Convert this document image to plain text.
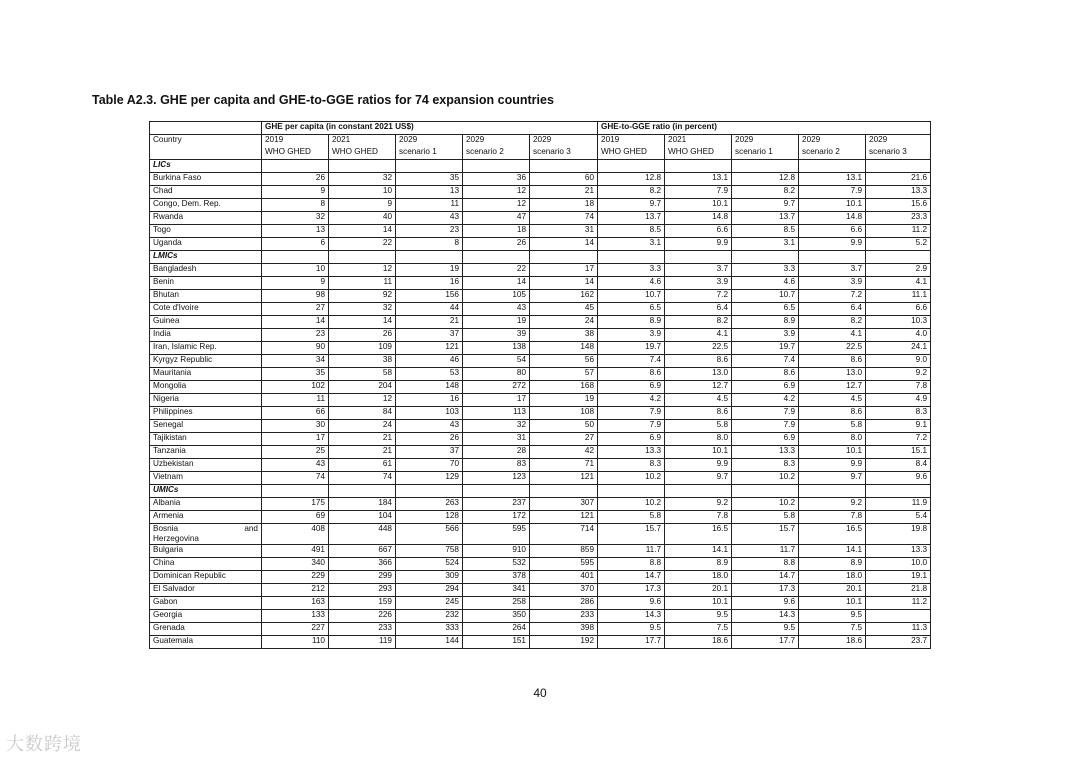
Table A2.3. GHE per capita and GHE-to-GGE ratios for 74 expansion countries
	GHE per capita (in constant 2021 US$)					GHE-to-GGE ratio (in percent)				
Country	2019	2021	2029	2029	2029	2019	2021	2029	2029	2029
	WHO GHED	WHO GHED	scenario 1	scenario 2	scenario 3	WHO GHED	WHO GHED	scenario 1	scenario 2	scenario 3
LICs										
Burkina Faso	26	32	35	36	60	12.8	13.1	12.8	13.1	21.6
Chad	9	10	13	12	21	8.2	7.9	8.2	7.9	13.3
Congo, Dem. Rep.	8	9	11	12	18	9.7	10.1	9.7	10.1	15.6
Rwanda	32	40	43	47	74	13.7	14.8	13.7	14.8	23.3
Togo	13	14	23	18	31	8.5	6.6	8.5	6.6	11.2
Uganda	6	22	8	26	14	3.1	9.9	3.1	9.9	5.2
LMICs										
Bangladesh	10	12	19	22	17	3.3	3.7	3.3	3.7	2.9
Benin	9	11	16	14	14	4.6	3.9	4.6	3.9	4.1
Bhutan	98	92	156	105	162	10.7	7.2	10.7	7.2	11.1
Cote d'Ivoire	27	32	44	43	45	6.5	6.4	6.5	6.4	6.6
Guinea	14	14	21	19	24	8.9	8.2	8.9	8.2	10.3
India	23	26	37	39	38	3.9	4.1	3.9	4.1	4.0
Iran, Islamic Rep.	90	109	121	138	148	19.7	22.5	19.7	22.5	24.1
Kyrgyz Republic	34	38	46	54	56	7.4	8.6	7.4	8.6	9.0
Mauritania	35	58	53	80	57	8.6	13.0	8.6	13.0	9.2
Mongolia	102	204	148	272	168	6.9	12.7	6.9	12.7	7.8
Nigeria	11	12	16	17	19	4.2	4.5	4.2	4.5	4.9
Philippines	66	84	103	113	108	7.9	8.6	7.9	8.6	8.3
Senegal	30	24	43	32	50	7.9	5.8	7.9	5.8	9.1
Tajikistan	17	21	26	31	27	6.9	8.0	6.9	8.0	7.2
Tanzania	25	21	37	28	42	13.3	10.1	13.3	10.1	15.1
Uzbekistan	43	61	70	83	71	8.3	9.9	8.3	9.9	8.4
Vietnam	74	74	129	123	121	10.2	9.7	10.2	9.7	9.6
UMICs										
Albania	175	184	263	237	307	10.2	9.2	10.2	9.2	11.9
Armenia	69	104	128	172	121	5.8	7.8	5.8	7.8	5.4

Bosnia and
Herzegovina	408	448	566	595	714	15.7	16.5	15.7	16.5	19.8
Bulgaria	491	667	758	910	859	11.7	14.1	11.7	14.1	13.3
China	340	366	524	532	595	8.8	8.9	8.8	8.9	10.0
Dominican Republic	229	299	309	378	401	14.7	18.0	14.7	18.0	19.1
El Salvador	212	293	294	341	370	17.3	20.1	17.3	20.1	21.8
Gabon	163	159	245	258	286	9.6	10.1	9.6	10.1	11.2
Georgia	133	226	232	350	233	14.3	9.5	14.3	9.5	
Grenada	227	233	333	264	398	9.5	7.5	9.5	7.5	11.3
Guatemala	110	119	144	151	192	17.7	18.6	17.7	18.6	23.7
40
大数跨境
